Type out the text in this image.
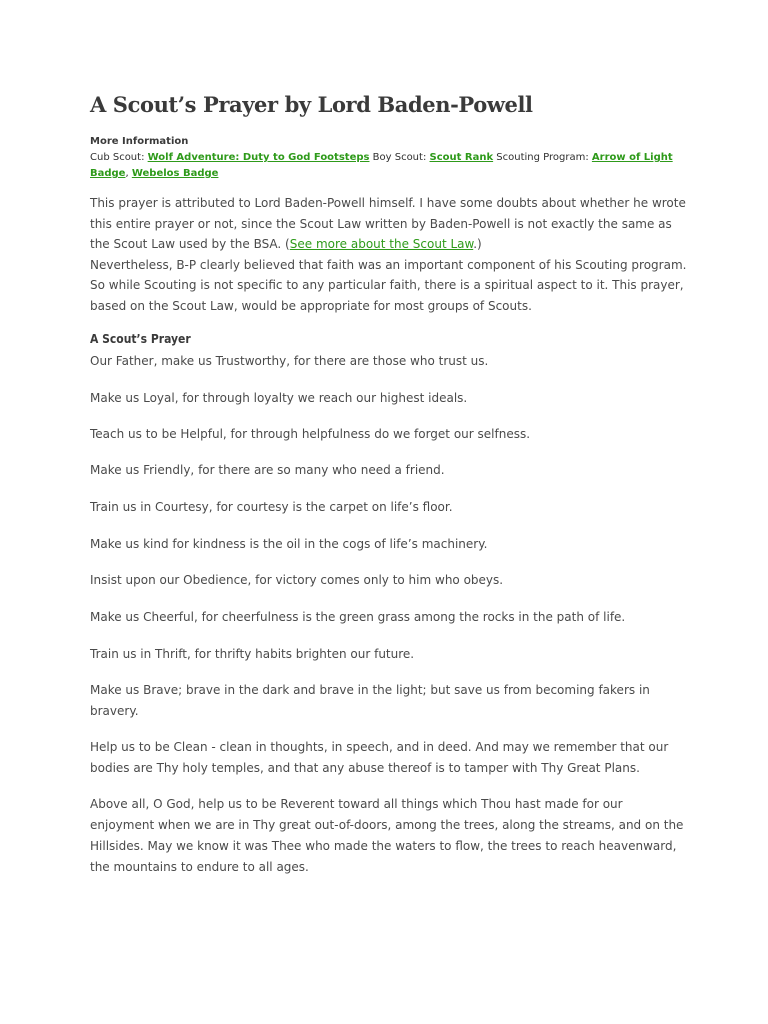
A Scout’s Prayer by Lord Baden-Powell
More Information
Cub Scout: Wolf Adventure: Duty to God Footsteps Boy Scout: Scout Rank Scouting Program: Arrow of Light Badge, Webelos Badge

This prayer is attributed to Lord Baden-Powell himself. I have some doubts about whether he wrote this entire prayer or not, since the Scout Law written by Baden-Powell is not exactly the same as the Scout Law used by the BSA. (See more about the Scout Law.)

Nevertheless, B-P clearly believed that faith was an important component of his Scouting program. So while Scouting is not specific to any particular faith, there is a spiritual aspect to it. This prayer, based on the Scout Law, would be appropriate for most groups of Scouts.

A Scout’s Prayer

Our Father, make us Trustworthy, for there are those who trust us.

Make us Loyal, for through loyalty we reach our highest ideals.

Teach us to be Helpful, for through helpfulness do we forget our selfness.

Make us Friendly, for there are so many who need a friend.

Train us in Courtesy, for courtesy is the carpet on life’s floor.

Make us kind for kindness is the oil in the cogs of life’s machinery.

Insist upon our Obedience, for victory comes only to him who obeys.

Make us Cheerful, for cheerfulness is the green grass among the rocks in the path of life.

Train us in Thrift, for thrifty habits brighten our future.

Make us Brave; brave in the dark and brave in the light; but save us from becoming fakers in bravery.

Help us to be Clean - clean in thoughts, in speech, and in deed. And may we remember that our bodies are Thy holy temples, and that any abuse thereof is to tamper with Thy Great Plans.

Above all, O God, help us to be Reverent toward all things which Thou hast made for our enjoyment when we are in Thy great out-of-doors, among the trees, along the streams, and on the Hillsides. May we know it was Thee who made the waters to flow, the trees to reach heavenward, the mountains to endure to all ages.
